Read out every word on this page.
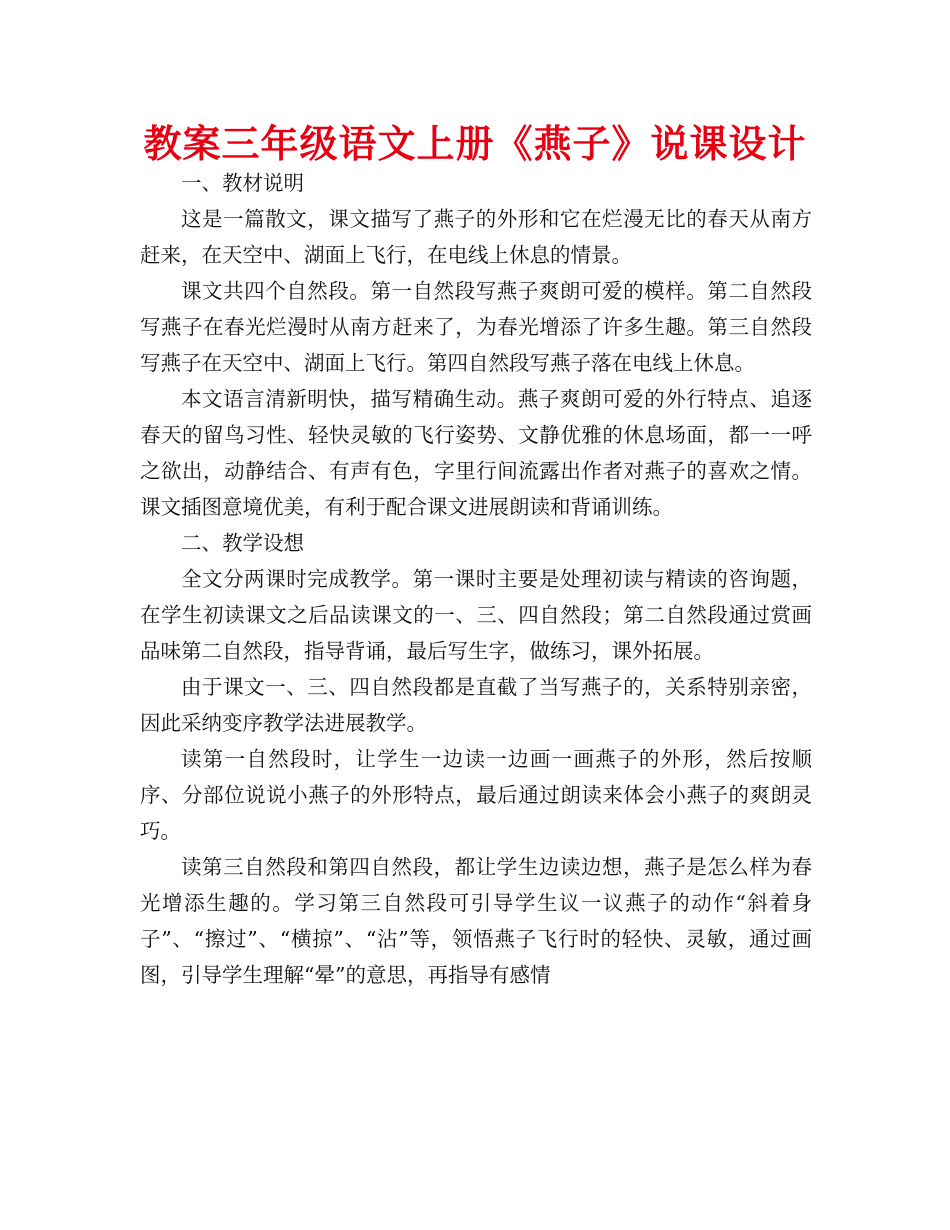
教案三年级语文上册《燕子》说课设计

一、教材说明

这是一篇散文，课文描写了燕子的外形和它在烂漫无比的春天从南方赶来，在天空中、湖面上飞行，在电线上休息的情景。

课文共四个自然段。第一自然段写燕子爽朗可爱的模样。第二自然段写燕子在春光烂漫时从南方赶来了，为春光增添了许多生趣。第三自然段写燕子在天空中、湖面上飞行。第四自然段写燕子落在电线上休息。

本文语言清新明快，描写精确生动。燕子爽朗可爱的外行特点、追逐春天的留鸟习性、轻快灵敏的飞行姿势、文静优雅的休息场面，都一一呼之欲出，动静结合、有声有色，字里行间流露出作者对燕子的喜欢之情。课文插图意境优美，有利于配合课文进展朗读和背诵训练。

二、教学设想

全文分两课时完成教学。第一课时主要是处理初读与精读的咨询题，在学生初读课文之后品读课文的一、三、四自然段；第二自然段通过赏画品味第二自然段，指导背诵，最后写生字，做练习，课外拓展。

由于课文一、三、四自然段都是直截了当写燕子的，关系特别亲密，因此采纳变序教学法进展教学。

读第一自然段时，让学生一边读一边画一画燕子的外形，然后按顺序、分部位说说小燕子的外形特点，最后通过朗读来体会小燕子的爽朗灵巧。

读第三自然段和第四自然段，都让学生边读边想，燕子是怎么样为春光增添生趣的。学习第三自然段可引导学生议一议燕子的动作“斜着身子”、“擦过”、“横掠”、“沾”等，领悟燕子飞行时的轻快、灵敏，通过画图，引导学生理解“晕”的意思，再指导有感情
